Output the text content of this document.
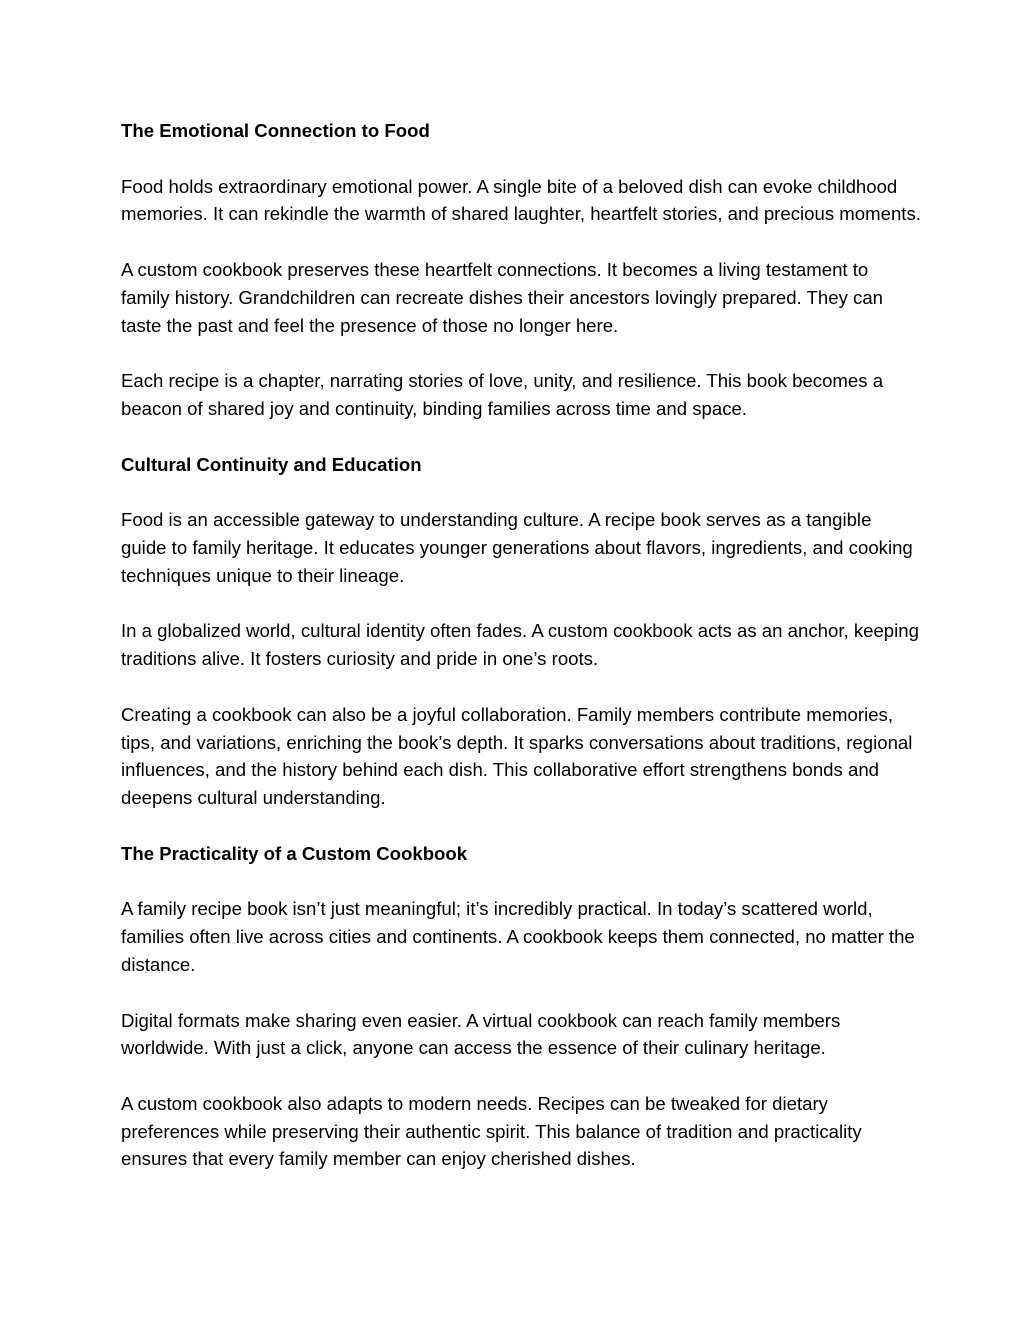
The Emotional Connection to Food

Food holds extraordinary emotional power. A single bite of a beloved dish can evoke childhood memories. It can rekindle the warmth of shared laughter, heartfelt stories, and precious moments.

A custom cookbook preserves these heartfelt connections. It becomes a living testament to family history. Grandchildren can recreate dishes their ancestors lovingly prepared. They can taste the past and feel the presence of those no longer here.

Each recipe is a chapter, narrating stories of love, unity, and resilience. This book becomes a beacon of shared joy and continuity, binding families across time and space.

Cultural Continuity and Education

Food is an accessible gateway to understanding culture. A recipe book serves as a tangible guide to family heritage. It educates younger generations about flavors, ingredients, and cooking techniques unique to their lineage.

In a globalized world, cultural identity often fades. A custom cookbook acts as an anchor, keeping traditions alive. It fosters curiosity and pride in one’s roots.

Creating a cookbook can also be a joyful collaboration. Family members contribute memories, tips, and variations, enriching the book’s depth. It sparks conversations about traditions, regional influences, and the history behind each dish. This collaborative effort strengthens bonds and deepens cultural understanding.

The Practicality of a Custom Cookbook

A family recipe book isn’t just meaningful; it’s incredibly practical. In today’s scattered world, families often live across cities and continents. A cookbook keeps them connected, no matter the distance.

Digital formats make sharing even easier. A virtual cookbook can reach family members worldwide. With just a click, anyone can access the essence of their culinary heritage.

A custom cookbook also adapts to modern needs. Recipes can be tweaked for dietary preferences while preserving their authentic spirit. This balance of tradition and practicality ensures that every family member can enjoy cherished dishes.
